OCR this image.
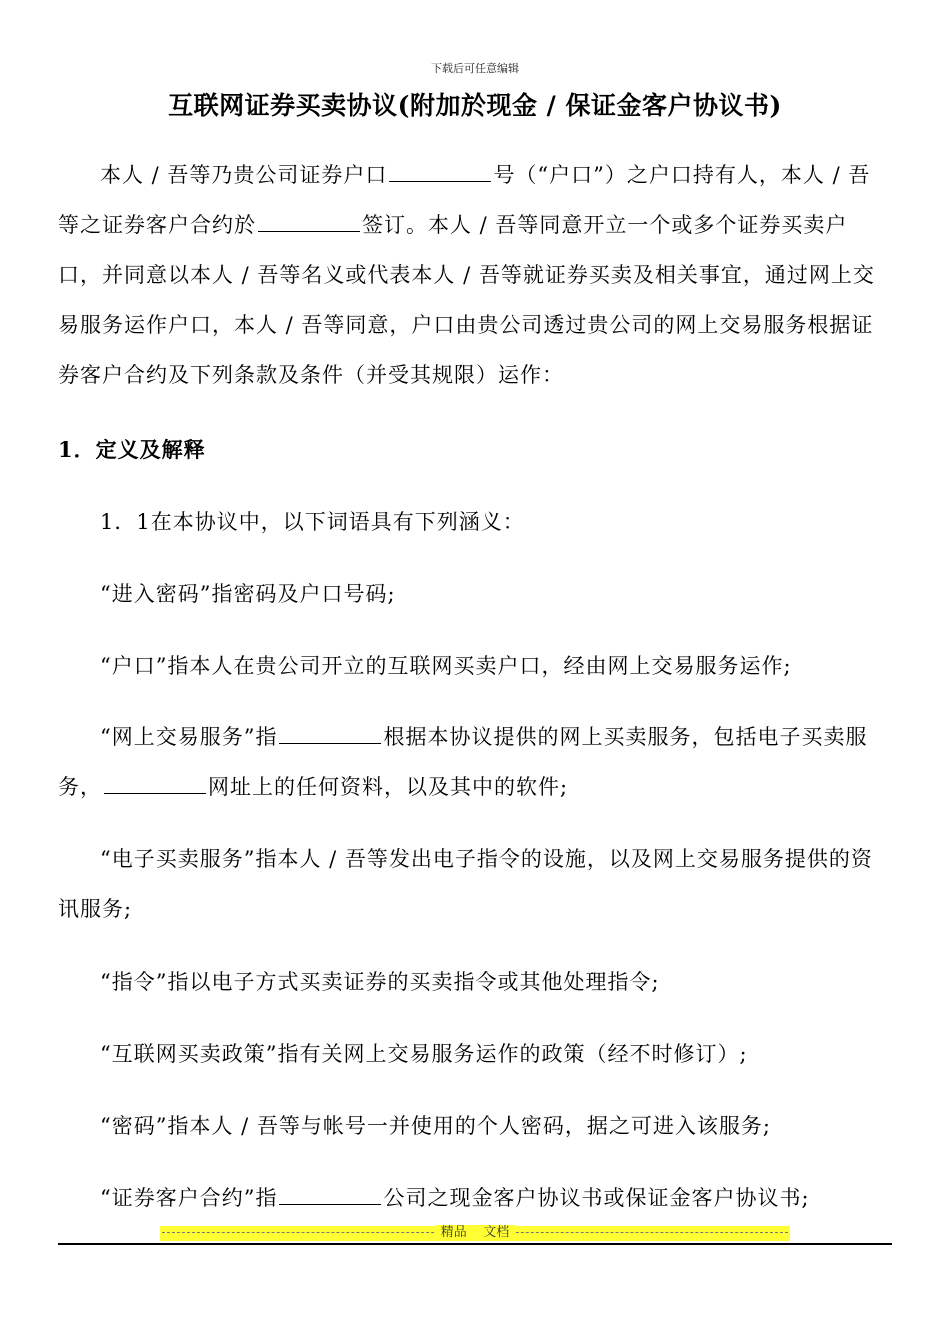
下载后可任意编辑
互联网证券买卖协议(附加於现金 / 保证金客户协议书)

本人 / 吾等乃贵公司证券户口	号（“户口”）之户口持有人，本人 / 吾等之证券客户合约於	签订。本人 / 吾等同意开立一个或多个证券买卖户口，并同意以本人 / 吾等名义或代表本人 / 吾等就证券买卖及相关事宜，通过网上交易服务运作户口，本人 / 吾等同意，户口由贵公司透过贵公司的网上交易服务根据证券客户合约及下列条款及条件（并受其规限）运作：

1．定义及解释
1．1在本协议中，以下词语具有下列涵义：
“进入密码”指密码及户口号码;
“户口”指本人在贵公司开立的互联网买卖户口，经由网上交易服务运作;

“网上交易服务”指	根据本协议提供的网上买卖服务，包括电子买卖服务，	网址上的任何资料，以及其中的软件;

“电子买卖服务”指本人 / 吾等发出电子指令的设施，以及网上交易服务提供的资讯服务;

“指令”指以电子方式买卖证券的买卖指令或其他处理指令;
“互联网买卖政策”指有关网上交易服务运作的政策（经不时修订）;
“密码”指本人 / 吾等与帐号一并使用的个人密码，据之可进入该服务;
“证券客户合约”指	公司之现金客户协议书或保证金客户协议书;
精品    文档
